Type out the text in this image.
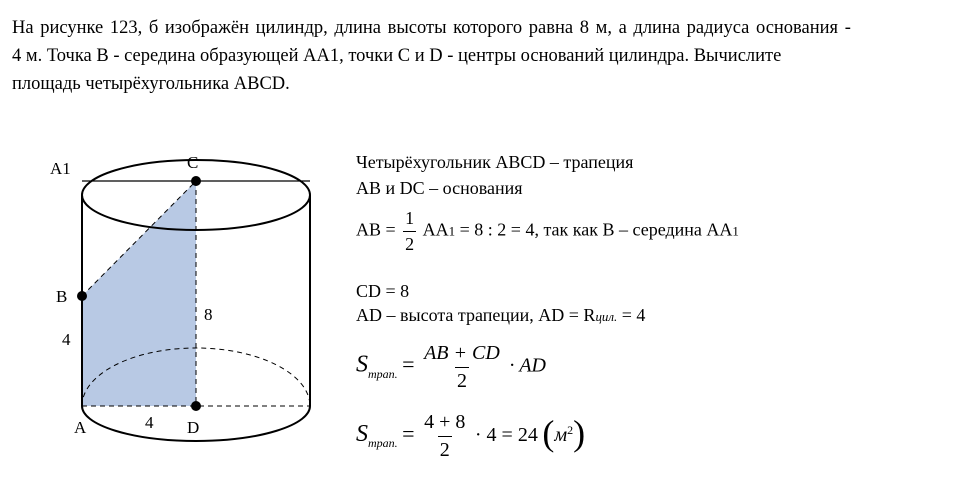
На рисунке 123, б изображён цилиндр, длина высоты которого равна 8 м, а длина радиуса основания -
4 м. Точка В - середина образующей АА1, точки С и D - центры оснований цилиндра. Вычислите
площадь четырёхугольника ABCD.
A1	C
B
A	D
4
4
8
Четырёхугольник ABCD – трапеция
AB и DC – основания
AB = $\frac{1}{2} AA1 = 8$ : 2 = 4, так как B – середина AA1
CD = 8
AD – высота трапеции, AD = Rцил. = 4
$S_{трап.} = \frac{AB + CD}{2}$ · AD
$S_{трап.} = \frac{4 + 8}{2} \cdot 4 = 24$ $(м^2)$
